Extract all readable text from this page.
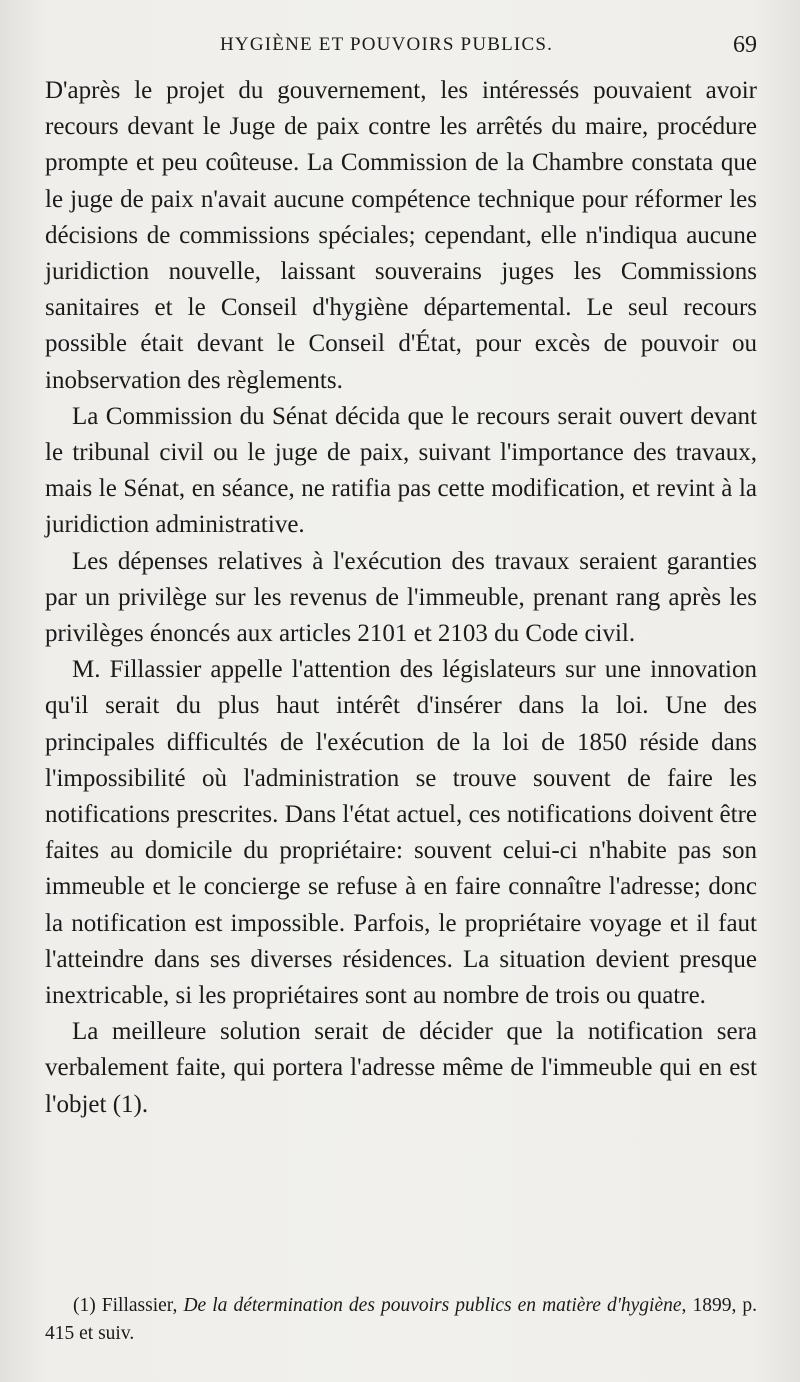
HYGIÈNE ET POUVOIRS PUBLICS.	69

D'après le projet du gouvernement, les intéressés pouvaient avoir recours devant le Juge de paix contre les arrêtés du maire, procédure prompte et peu coûteuse. La Commission de la Chambre constata que le juge de paix n'avait aucune compétence technique pour réformer les décisions de commissions spéciales; cependant, elle n'indiqua aucune juridiction nouvelle, laissant souverains juges les Commissions sanitaires et le Conseil d'hygiène départemental. Le seul recours possible était devant le Conseil d'État, pour excès de pouvoir ou inobservation des règlements.

La Commission du Sénat décida que le recours serait ouvert devant le tribunal civil ou le juge de paix, suivant l'importance des travaux, mais le Sénat, en séance, ne ratifia pas cette modification, et revint à la juridiction administrative.

Les dépenses relatives à l'exécution des travaux seraient garanties par un privilège sur les revenus de l'immeuble, prenant rang après les privilèges énoncés aux articles 2101 et 2103 du Code civil.

M. Fillassier appelle l'attention des législateurs sur une innovation qu'il serait du plus haut intérêt d'insérer dans la loi. Une des principales difficultés de l'exécution de la loi de 1850 réside dans l'impossibilité où l'administration se trouve souvent de faire les notifications prescrites. Dans l'état actuel, ces notifications doivent être faites au domicile du propriétaire: souvent celui-ci n'habite pas son immeuble et le concierge se refuse à en faire connaître l'adresse; donc la notification est impossible. Parfois, le propriétaire voyage et il faut l'atteindre dans ses diverses résidences. La situation devient presque inextricable, si les propriétaires sont au nombre de trois ou quatre.

La meilleure solution serait de décider que la notification sera verbalement faite, qui portera l'adresse même de l'immeuble qui en est l'objet (1).

(1) Fillassier, De la détermination des pouvoirs publics en matière d'hygiène, 1899, p. 415 et suiv.
